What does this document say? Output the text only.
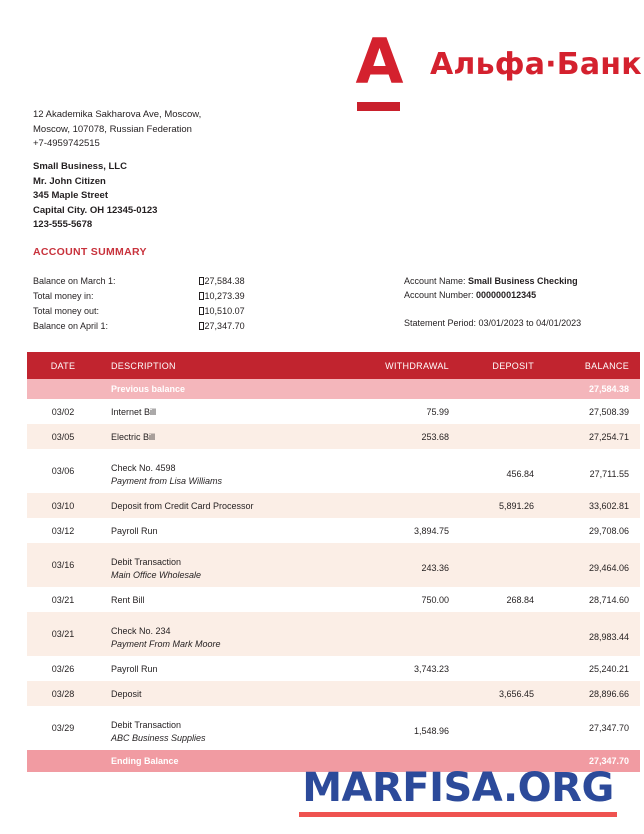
A Альфа·Банк
12 Akademika Sakharova Ave, Moscow,
Moscow, 107078, Russian Federation
+7-4959742515
Small Business, LLC
Mr. John Citizen
345 Maple Street
Capital City. OH 12345-0123
123-555-5678
ACCOUNT SUMMARY
Balance on March 1:	27,584.38
Total money in:	10,273.39
Total money out:	10,510.07
Balance on April 1:	27,347.70
Account Name: Small Business Checking
Account Number: 000000012345
Statement Period: 03/01/2023 to 04/01/2023
DATE	DESCRIPTION	WITHDRAWAL	DEPOSIT	BALANCE
	Previous balance			27,584.38
03/02	Internet Bill	75.99		27,508.39
03/05	Electric Bill	253.68		27,254.71
03/06	Check No. 4598
Payment from Lisa Williams		456.84	27,711.55
03/10	Deposit from Credit Card Processor		5,891.26	33,602.81
03/12	Payroll Run	3,894.75		29,708.06
03/16	Debit Transaction
Main Office Wholesale	243.36		29,464.06
03/21	Rent Bill	750.00	268.84	28,714.60
03/21	Check No. 234
Payment From Mark Moore			28,983.44
03/26	Payroll Run	3,743.23		25,240.21
03/28	Deposit		3,656.45	28,896.66
03/29	Debit Transaction
ABC Business Supplies	1,548.96		27,347.70
	Ending Balance			27,347.70
MARFISA.ORG
